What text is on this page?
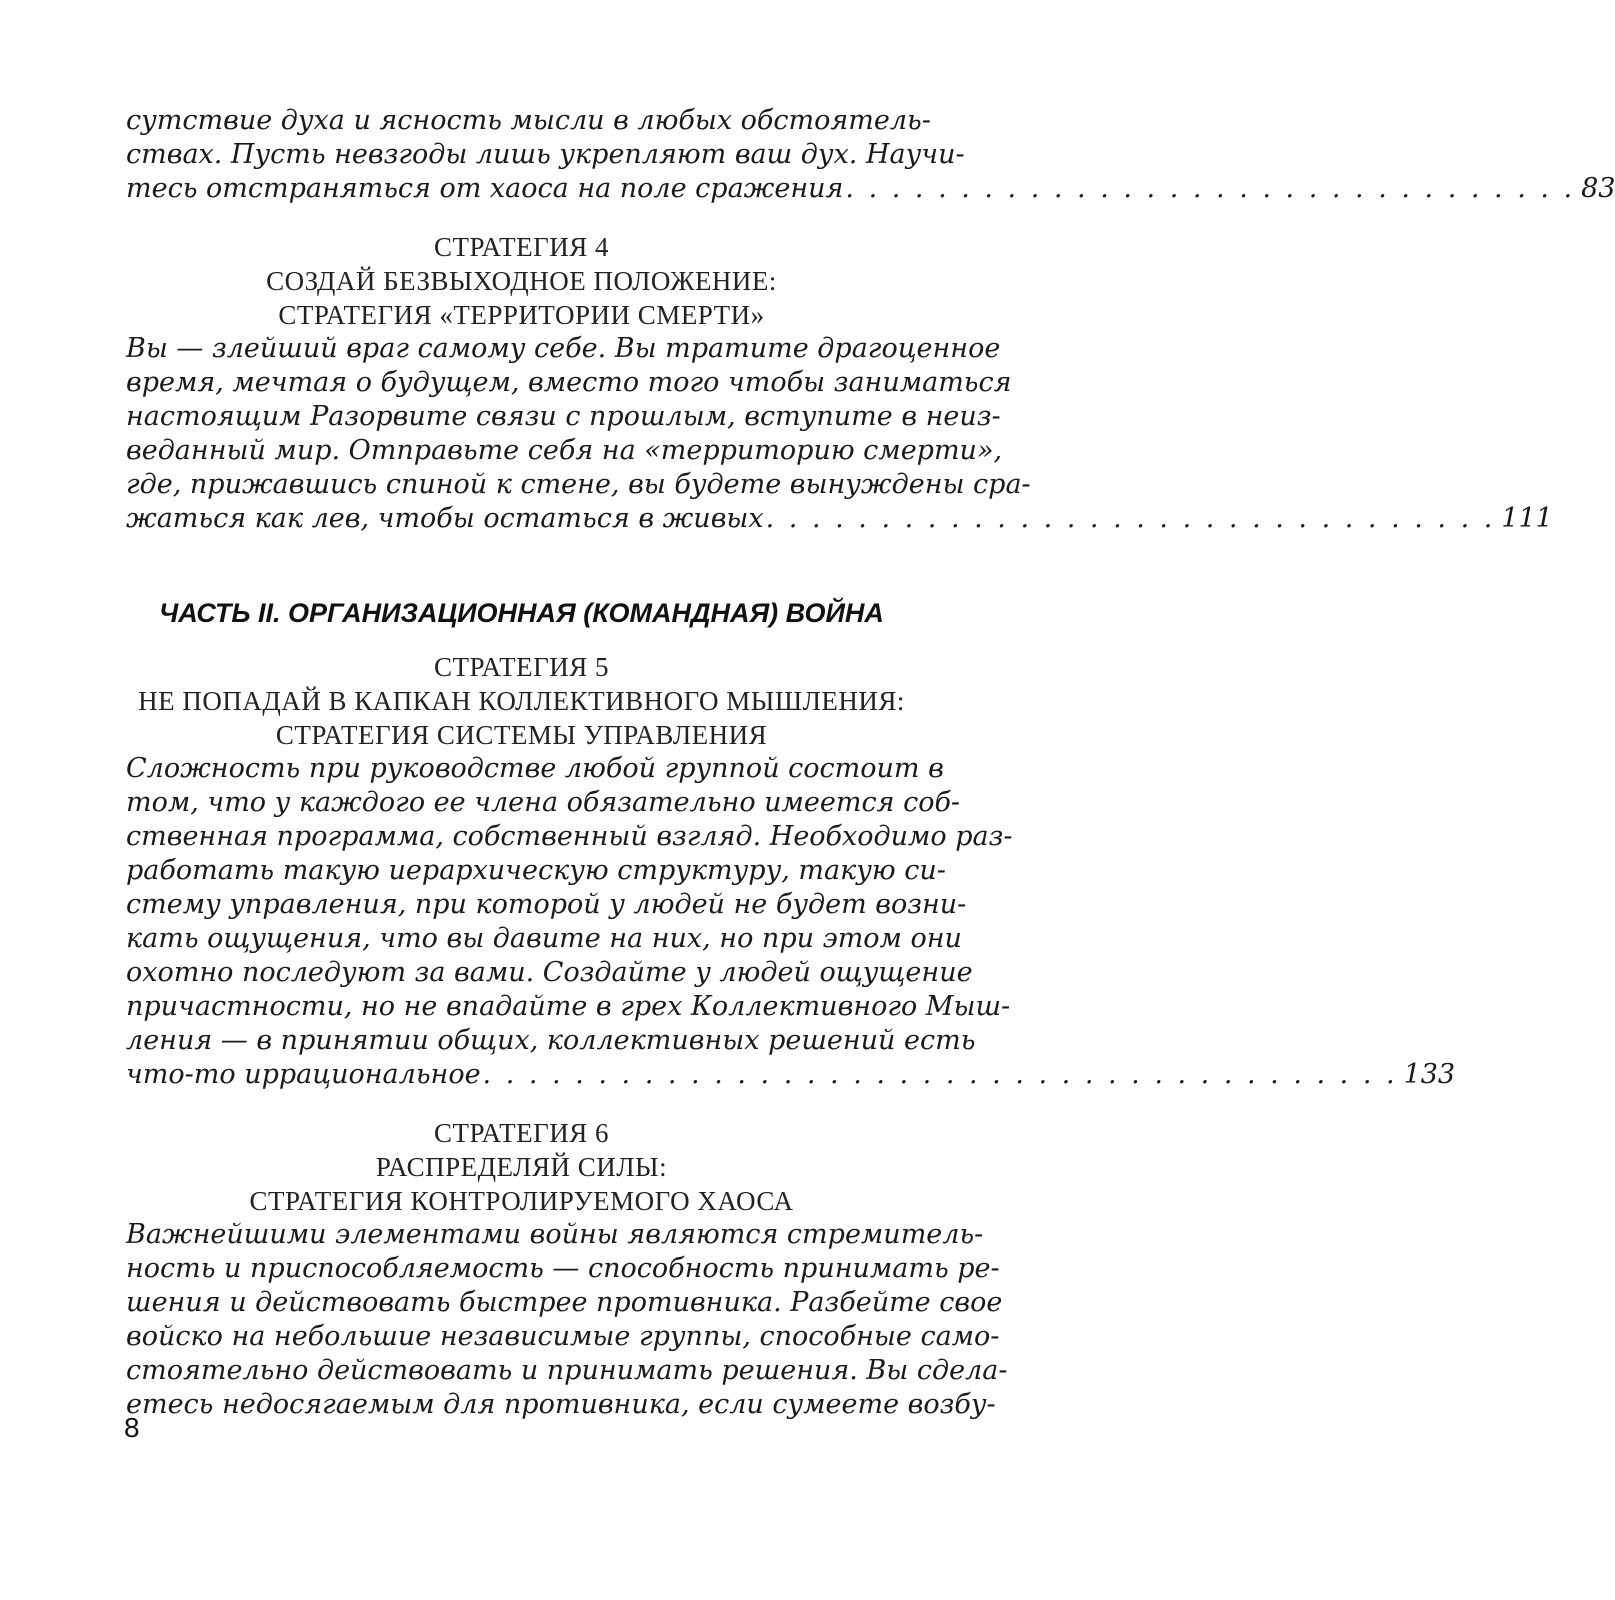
сутствие духа и ясность мысли в любых обстоятель-
ствах. Пусть невзгоды лишь укрепляют ваш дух. Научи-
тесь отстраняться от хаоса на поле сражения . . . . . . . . . . . . . . . . . . . . . . . . . . . . . . . . 83
СТРАТЕГИЯ 4
СОЗДАЙ БЕЗВЫХОДНОЕ ПОЛОЖЕНИЕ:
СТРАТЕГИЯ «ТЕРРИТОРИИ СМЕРТИ»
Вы — злейший враг самому себе. Вы тратите драгоценное
время, мечтая о будущем, вместо того чтобы заниматься
настоящим Разорвите связи с прошлым, вступите в неиз-
веданный мир. Отправьте себя на «территорию смерти»,
где, прижавшись спиной к стене, вы будете вынуждены сра-
жаться как лев, чтобы остаться в живых . . . . . . . . . . . . . . . . . . . . . . . . . . . . . . . . 111
ЧАСТЬ II. ОРГАНИЗАЦИОННАЯ (КОМАНДНАЯ) ВОЙНА
СТРАТЕГИЯ 5
НЕ ПОПАДАЙ В КАПКАН КОЛЛЕКТИВНОГО МЫШЛЕНИЯ:
СТРАТЕГИЯ СИСТЕМЫ УПРАВЛЕНИЯ
Сложность при руководстве любой группой состоит в
том, что у каждого ее члена обязательно имеется соб-
ственная программа, собственный взгляд. Необходимо раз-
работать такую иерархическую структуру, такую си-
стему управления, при которой у людей не будет возни-
кать ощущения, что вы давите на них, но при этом они
охотно последуют за вами. Создайте у людей ощущение
причастности, но не впадайте в грех Коллективного Мыш-
ления — в принятии общих, коллективных решений есть
что-то иррациональное . . . . . . . . . . . . . . . . . . . . . . . . . . . . . . . . . . . . . . . . 133
СТРАТЕГИЯ 6
РАСПРЕДЕЛЯЙ СИЛЫ:
СТРАТЕГИЯ КОНТРОЛИРУЕМОГО ХАОСА
Важнейшими элементами войны являются стремитель-
ность и приспособляемость — способность принимать ре-
шения и действовать быстрее противника. Разбейте свое
войско на небольшие независимые группы, способные само-
стоятельно действовать и принимать решения. Вы сдела-
етесь недосягаемым для противника, если сумеете возбу-
8
